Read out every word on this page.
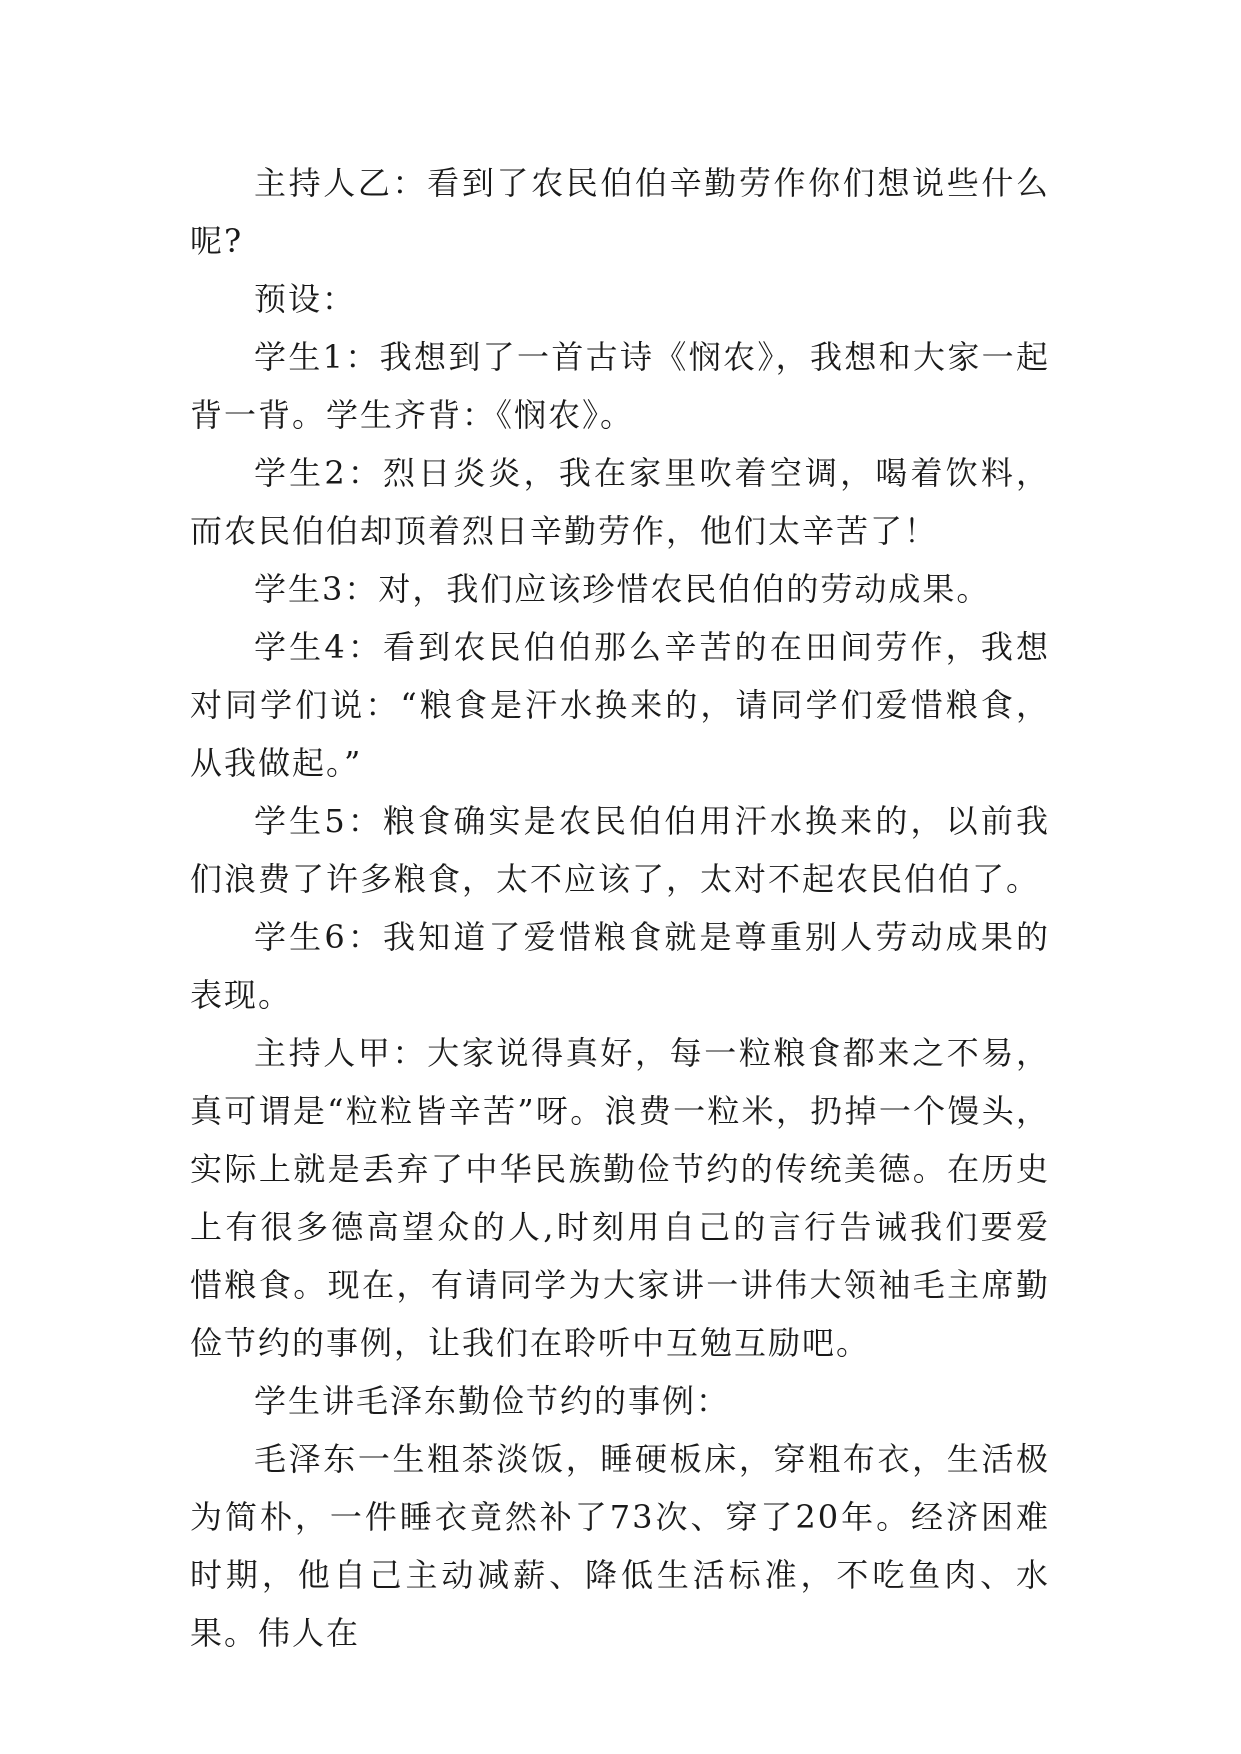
主持人乙：看到了农民伯伯辛勤劳作你们想说些什么呢?

预设：

学生1：我想到了一首古诗《悯农》，我想和大家一起背一背。学生齐背：《悯农》。

学生2：烈日炎炎，我在家里吹着空调，喝着饮料，而农民伯伯却顶着烈日辛勤劳作，他们太辛苦了！

学生3：对，我们应该珍惜农民伯伯的劳动成果。

学生4：看到农民伯伯那么辛苦的在田间劳作，我想对同学们说：“粮食是汗水换来的，请同学们爱惜粮食，从我做起。”

学生5：粮食确实是农民伯伯用汗水换来的，以前我们浪费了许多粮食，太不应该了，太对不起农民伯伯了。

学生6：我知道了爱惜粮食就是尊重别人劳动成果的表现。

主持人甲：大家说得真好，每一粒粮食都来之不易，真可谓是“粒粒皆辛苦”呀。浪费一粒米，扔掉一个馒头，实际上就是丢弃了中华民族勤俭节约的传统美德。在历史上有很多德高望众的人,时刻用自己的言行告诫我们要爱惜粮食。现在，有请同学为大家讲一讲伟大领袖毛主席勤俭节约的事例，让我们在聆听中互勉互励吧。

学生讲毛泽东勤俭节约的事例：

毛泽东一生粗茶淡饭，睡硬板床，穿粗布衣，生活极为简朴，一件睡衣竟然补了73次、穿了20年。经济困难时期，他自己主动减薪、降低生活标准，不吃鱼肉、水果。伟人在
